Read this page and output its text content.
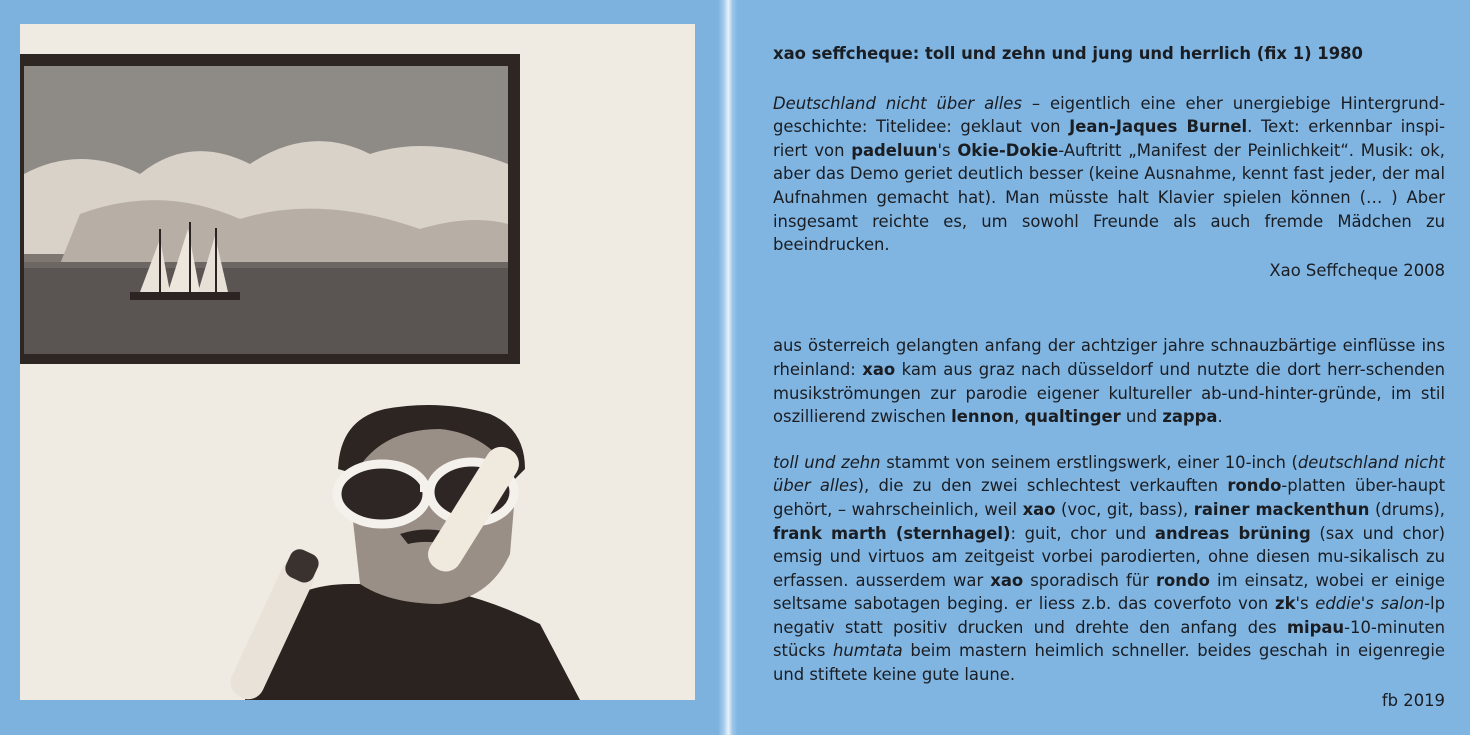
xao seffcheque: toll und zehn und jung und herrlich (fix 1) 1980

Deutschland nicht über alles – eigentlich eine eher unergiebige Hintergrund-geschichte: Titelidee: geklaut von Jean-Jaques Burnel. Text: erkennbar inspi-riert von padeluun's Okie-Dokie-Auftritt „Manifest der Peinlichkeit“. Musik: ok, aber das Demo geriet deutlich besser (keine Ausnahme, kennt fast jeder, der mal Aufnahmen gemacht hat). Man müsste halt Klavier spielen können (… ) Aber insgesamt reichte es, um sowohl Freunde als auch fremde Mädchen zu beeindrucken.

Xao Seffcheque 2008

aus österreich gelangten anfang der achtziger jahre schnauzbärtige einflüsse ins rheinland: xao kam aus graz nach düsseldorf und nutzte die dort herr-schenden musikströmungen zur parodie eigener kultureller ab-und-hinter-gründe, im stil oszillierend zwischen lennon, qualtinger und zappa.

toll und zehn stammt von seinem erstlingswerk, einer 10-inch (deutschland nicht über alles), die zu den zwei schlechtest verkauften rondo-platten über-haupt gehört, – wahrscheinlich, weil xao (voc, git, bass), rainer mackenthun (drums), frank marth (sternhagel): guit, chor und andreas brüning (sax und chor) emsig und virtuos am zeitgeist vorbei parodierten, ohne diesen mu-sikalisch zu erfassen. ausserdem war xao sporadisch für rondo im einsatz, wobei er einige seltsame sabotagen beging. er liess z.b. das coverfoto von zk's eddie's salon-lp negativ statt positiv drucken und drehte den anfang des mipau-10-minuten stücks humtata beim mastern heimlich schneller. beides geschah in eigenregie und stiftete keine gute laune.

fb 2019
